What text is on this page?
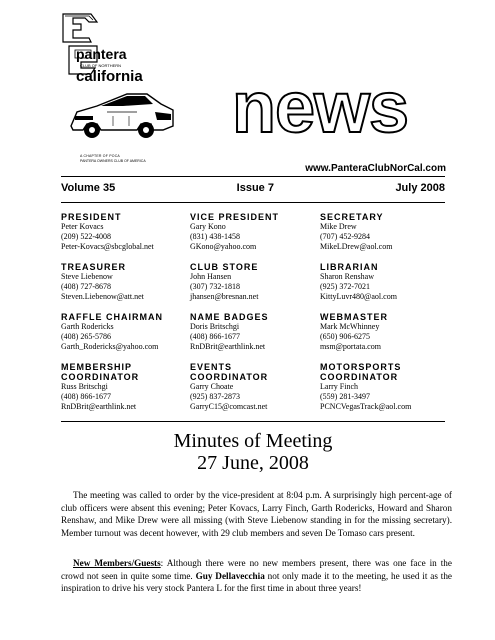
pantera
CLUB OF NORTHERN
california
A CHAPTER OF POCA
PANTERA OWNERS CLUB OF AMERICA
news
www.PanteraClubNorCal.com
Volume 35	Issue 7	July 2008
PRESIDENT
Peter Kovacs
(209) 522-4008
Peter-Kovacs@sbcglobal.net
VICE PRESIDENT
Gary Kono
(831) 438-1458
GKono@yahoo.com
SECRETARY
Mike Drew
(707) 452-9284
MikeLDrew@aol.com
TREASURER
Steve Liebenow
(408) 727-8678
Steven.Liebenow@att.net
CLUB STORE
John Hansen
(307) 732-1818
jhansen@bresnan.net
LIBRARIAN
Sharon Renshaw
(925) 372-7021
KittyLuvr480@aol.com
RAFFLE CHAIRMAN
Garth Rodericks
(408) 265-5786
Garth_Rodericks@yahoo.com
NAME BADGES
Doris Britschgi
(408) 866-1677
RnDBrit@earthlink.net
WEBMASTER
Mark McWhinney
(650) 906-6275
msm@portata.com
MEMBERSHIP
COORDINATOR
Russ Britschgi
(408) 866-1677
RnDBrit@earthlink.net
EVENTS
COORDINATOR
Garry Choate
(925) 837-2873
GarryC15@comcast.net
MOTORSPORTS
COORDINATOR
Larry Finch
(559) 281-3497
PCNCVegasTrack@aol.com
Minutes of Meeting
27 June, 2008
The meeting was called to order by the vice-president at 8:04 p.m. A surprisingly high percent-age of club officers were absent this evening; Peter Kovacs, Larry Finch, Garth Rodericks, Howard and Sharon Renshaw, and Mike Drew were all missing (with Steve Liebenow standing in for the missing secretary). Member turnout was decent however, with 29 club members and seven De Tomaso cars present.
New Members/Guests: Although there were no new members present, there was one face in the crowd not seen in quite some time. Guy Dellavecchia not only made it to the meeting, he used it as the inspiration to drive his very stock Pantera L for the first time in about three years!
